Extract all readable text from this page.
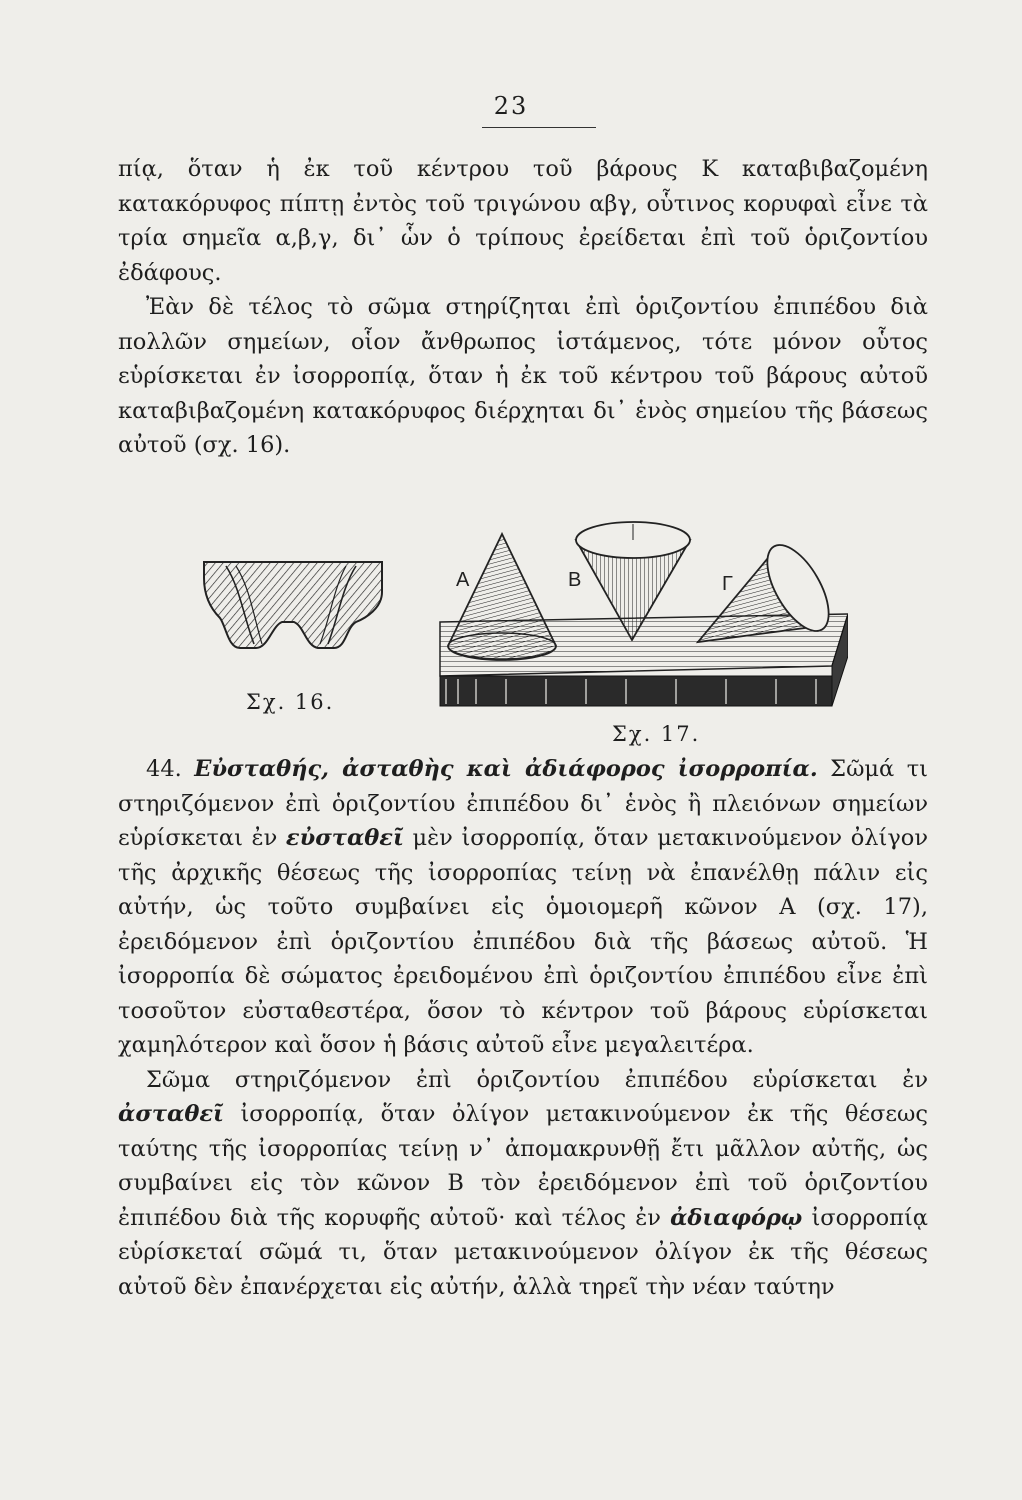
23

πίᾳ, ὅταν ἡ ἐκ τοῦ κέντρου τοῦ βάρους Κ καταβιβαζομένη κατακόρυφος πίπτῃ ἐντὸς τοῦ τριγώνου αβγ, οὗτινος κορυφαὶ εἶνε τὰ τρία σημεῖα α,β,γ, δι᾽ ὧν ὁ τρίπους ἐρείδεται ἐπὶ τοῦ ὁριζοντίου ἐδάφους.

Ἐὰν δὲ τέλος τὸ σῶμα στηρίζηται ἐπὶ ὁριζοντίου ἐπιπέδου διὰ πολλῶν σημείων, οἷον ἄνθρωπος ἱστάμενος, τότε μόνον οὗτος εὑρίσκεται ἐν ἰσορροπίᾳ, ὅταν ἡ ἐκ τοῦ κέντρου τοῦ βάρους αὐτοῦ καταβιβαζομένη κατακόρυφος διέρχηται δι᾽ ἑνὸς σημείου τῆς βάσεως αὐτοῦ (σχ. 16).

Σχ. 16.
Α	Β	Γ
Σχ. 17.

44. Εὐσταθής, ἀσταθὴς καὶ ἀδιάφορος ἰσορροπία. Σῶμά τι στηριζόμενον ἐπὶ ὁριζοντίου ἐπιπέδου δι᾽ ἑνὸς ἢ πλειόνων σημείων εὑρίσκεται ἐν εὐσταθεῖ μὲν ἰσορροπίᾳ, ὅταν μετακινούμενον ὀλίγον τῆς ἀρχικῆς θέσεως τῆς ἰσορροπίας τείνῃ νὰ ἐπανέλθῃ πάλιν εἰς αὐτήν, ὡς τοῦτο συμβαίνει εἰς ὁμοιομερῆ κῶνον Α (σχ. 17), ἐρειδόμενον ἐπὶ ὁριζοντίου ἐπιπέδου διὰ τῆς βάσεως αὐτοῦ. Ἡ ἰσορροπία δὲ σώματος ἐρειδομένου ἐπὶ ὁριζοντίου ἐπιπέδου εἶνε ἐπὶ τοσοῦτον εὐσταθεστέρα, ὅσον τὸ κέντρον τοῦ βάρους εὑρίσκεται χαμηλότερον καὶ ὅσον ἡ βάσις αὐτοῦ εἶνε μεγαλειτέρα.

Σῶμα στηριζόμενον ἐπὶ ὁριζοντίου ἐπιπέδου εὑρίσκεται ἐν ἀσταθεῖ ἰσορροπίᾳ, ὅταν ὀλίγον μετακινούμενον ἐκ τῆς θέσεως ταύτης τῆς ἰσορροπίας τείνῃ ν᾽ ἀπομακρυνθῇ ἔτι μᾶλλον αὐτῆς, ὡς συμβαίνει εἰς τὸν κῶνον Β τὸν ἐρειδόμενον ἐπὶ τοῦ ὁριζοντίου ἐπιπέδου διὰ τῆς κορυφῆς αὐτοῦ· καὶ τέλος ἐν ἀδιαφόρῳ ἰσορροπίᾳ εὑρίσκεταί σῶμά τι, ὅταν μετακινούμενον ὀλίγον ἐκ τῆς θέσεως αὐτοῦ δὲν ἐπανέρχεται εἰς αὐτήν, ἀλλὰ τηρεῖ τὴν νέαν ταύτην
